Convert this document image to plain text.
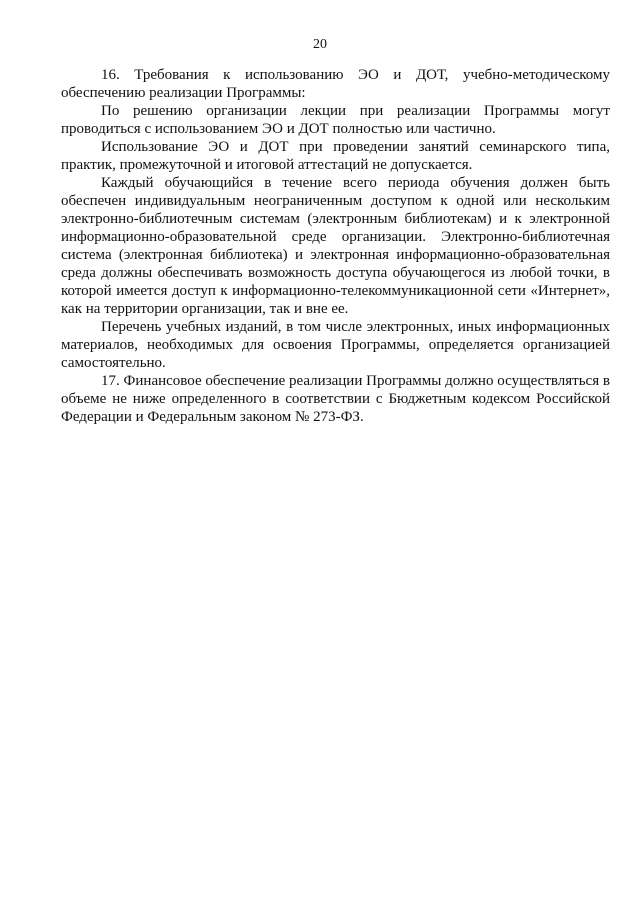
20

16. Требования к использованию ЭО и ДОТ, учебно-методическому обеспечению реализации Программы:

По решению организации лекции при реализации Программы могут проводиться с использованием ЭО и ДОТ полностью или частично.

Использование ЭО и ДОТ при проведении занятий семинарского типа, практик, промежуточной и итоговой аттестаций не допускается.

Каждый обучающийся в течение всего периода обучения должен быть обеспечен индивидуальным неограниченным доступом к одной или нескольким электронно-библиотечным системам (электронным библиотекам) и к электронной информационно-образовательной среде организации. Электронно-библиотечная система (электронная библиотека) и электронная информационно-образовательная среда должны обеспечивать возможность доступа обучающегося из любой точки, в которой имеется доступ к информационно-телекоммуникационной сети «Интернет», как на территории организации, так и вне ее.

Перечень учебных изданий, в том числе электронных, иных информационных материалов, необходимых для освоения Программы, определяется организацией самостоятельно.

17. Финансовое обеспечение реализации Программы должно осуществляться в объеме не ниже определенного в соответствии с Бюджетным кодексом Российской Федерации и Федеральным законом № 273-ФЗ.
